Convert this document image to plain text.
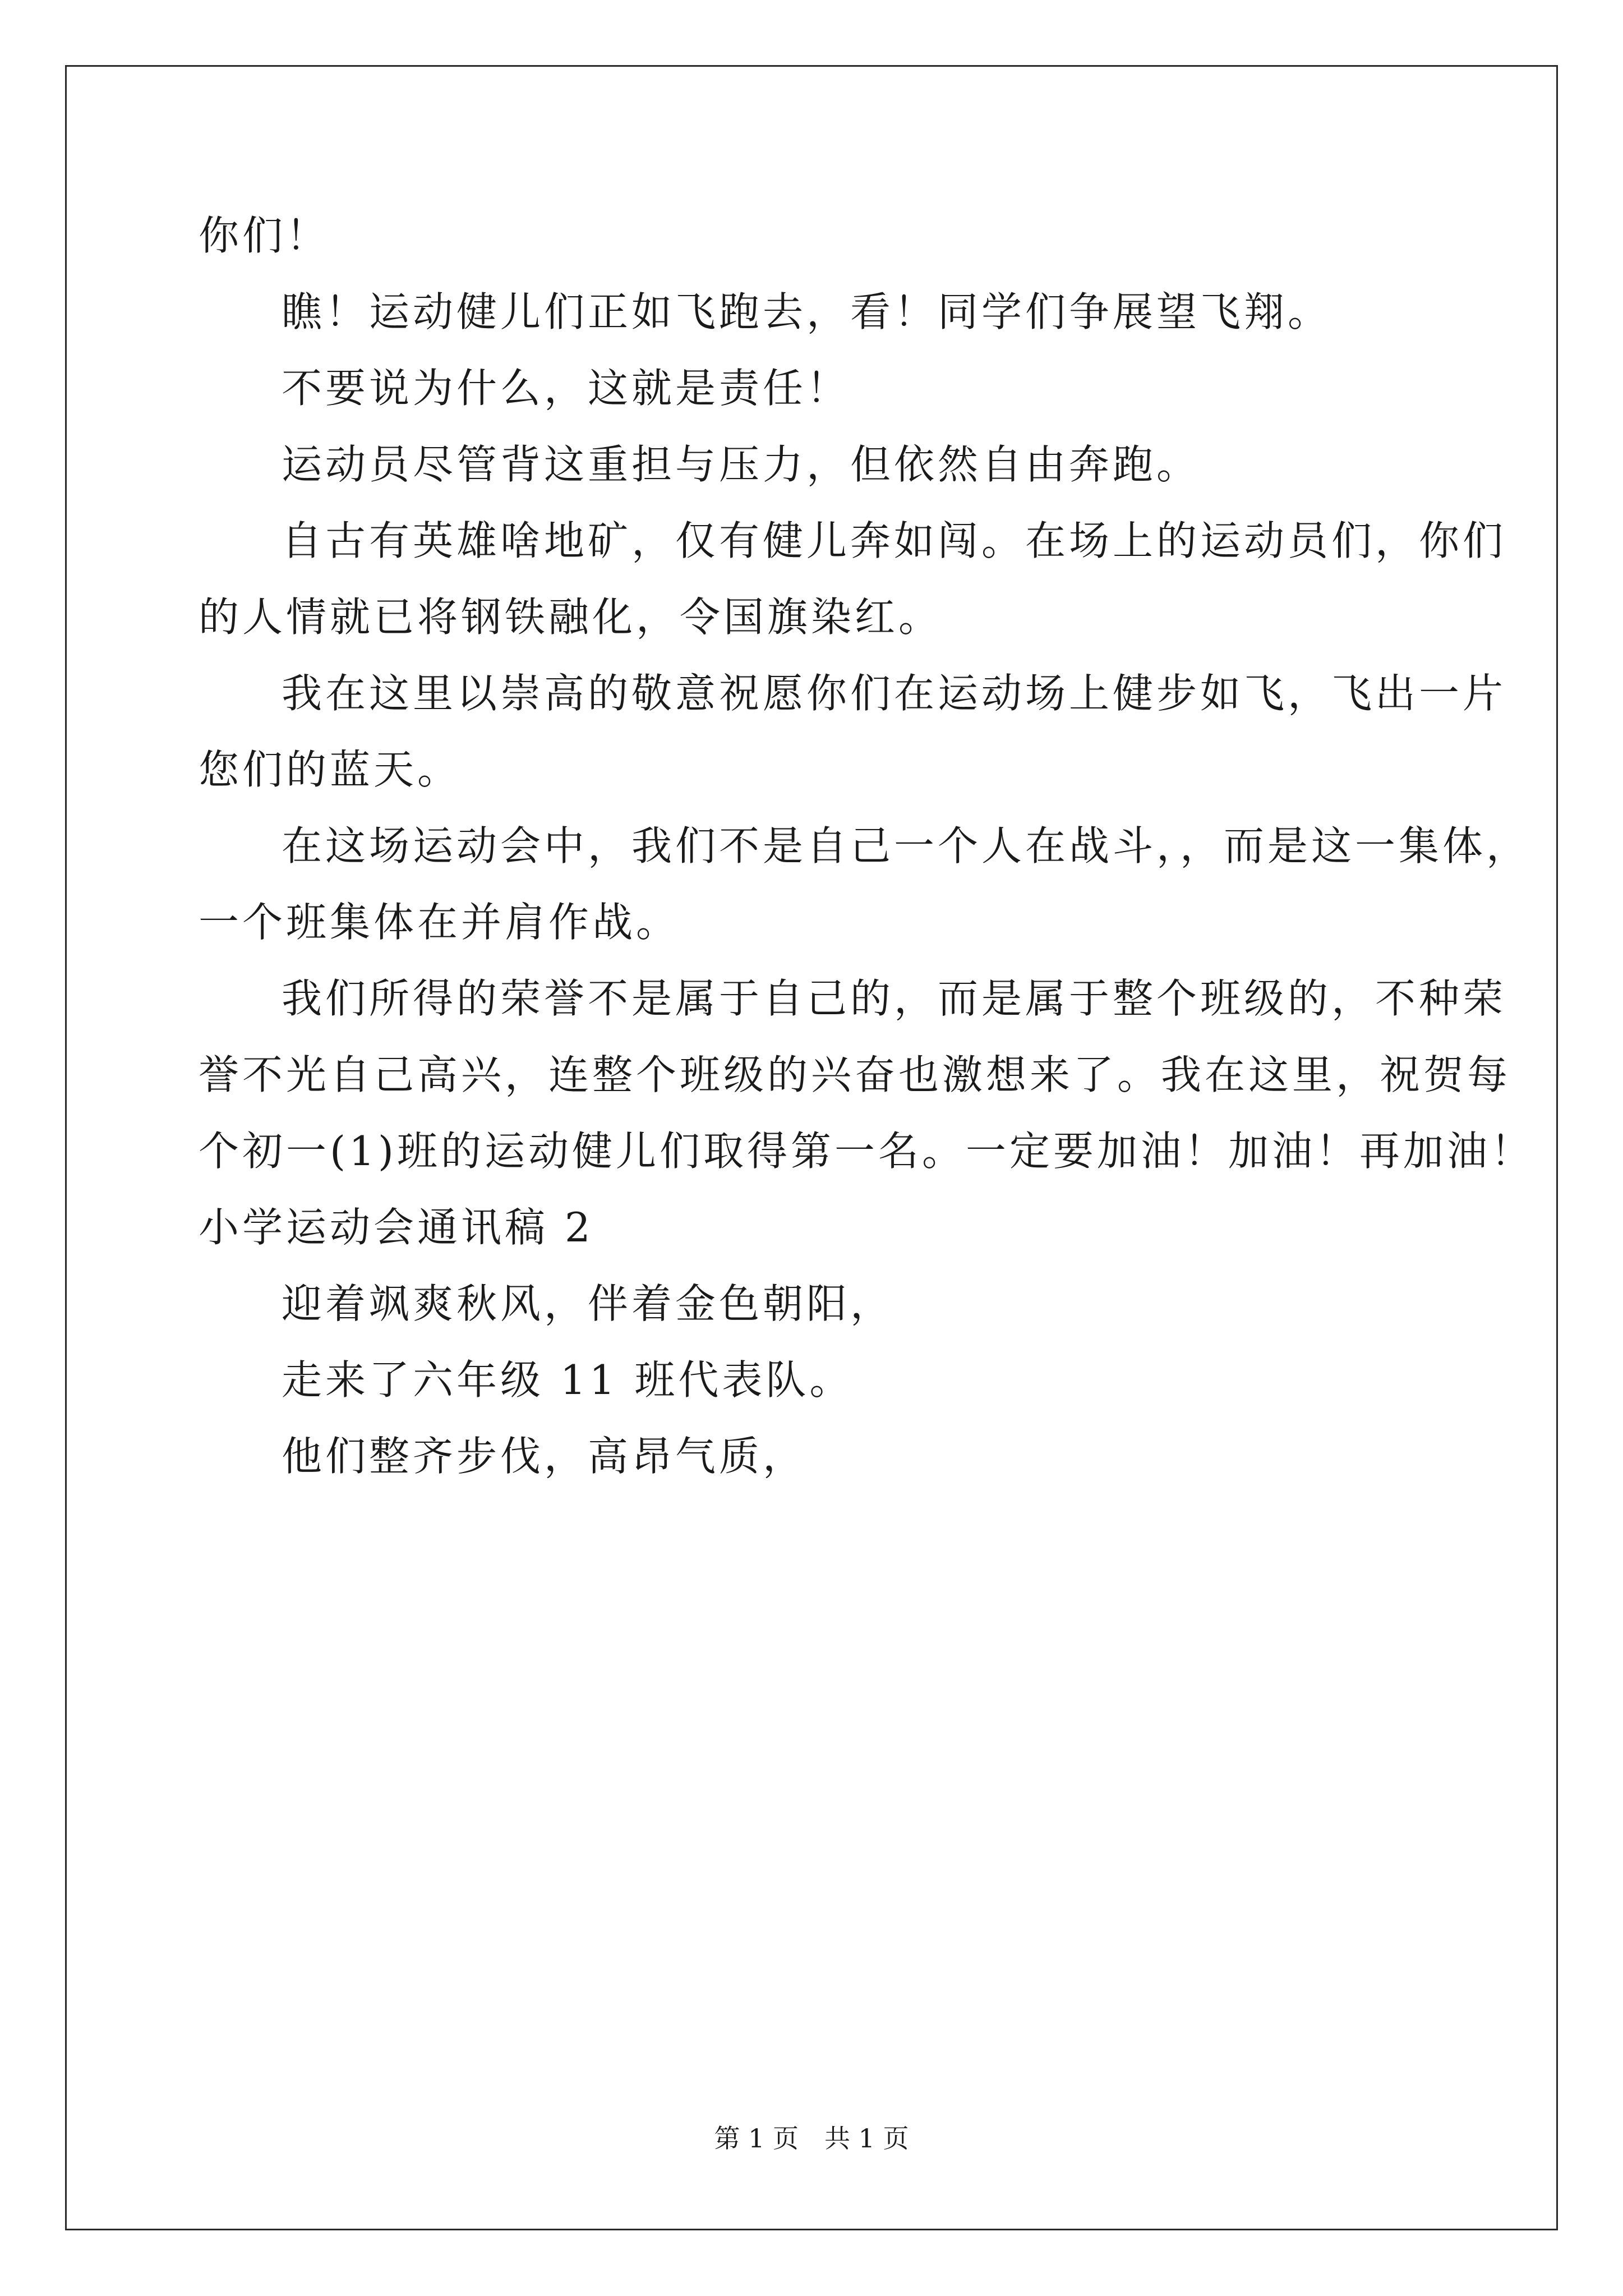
你们！
瞧！运动健儿们正如飞跑去，看！同学们争展望飞翔。
不要说为什么，这就是责任！
运动员尽管背这重担与压力，但依然自由奔跑。
自古有英雄啥地矿，仅有健儿奔如闯。在场上的运动员们，你们
的人情就已将钢铁融化，令国旗染红。
我在这里以崇高的敬意祝愿你们在运动场上健步如飞，飞出一片
您们的蓝天。
在这场运动会中，我们不是自己一个人在战斗，，而是这一集体，
一个班集体在并肩作战。
我们所得的荣誉不是属于自己的，而是属于整个班级的，不种荣
誉不光自己高兴，连整个班级的兴奋也激想来了。我在这里，祝贺每
个初一(1)班的运动健儿们取得第一名。一定要加油！加油！再加油！
小学运动会通讯稿 2
迎着飒爽秋风，伴着金色朝阳，
走来了六年级 11 班代表队。
他们整齐步伐，高昂气质，
第 1 页　共 1 页
